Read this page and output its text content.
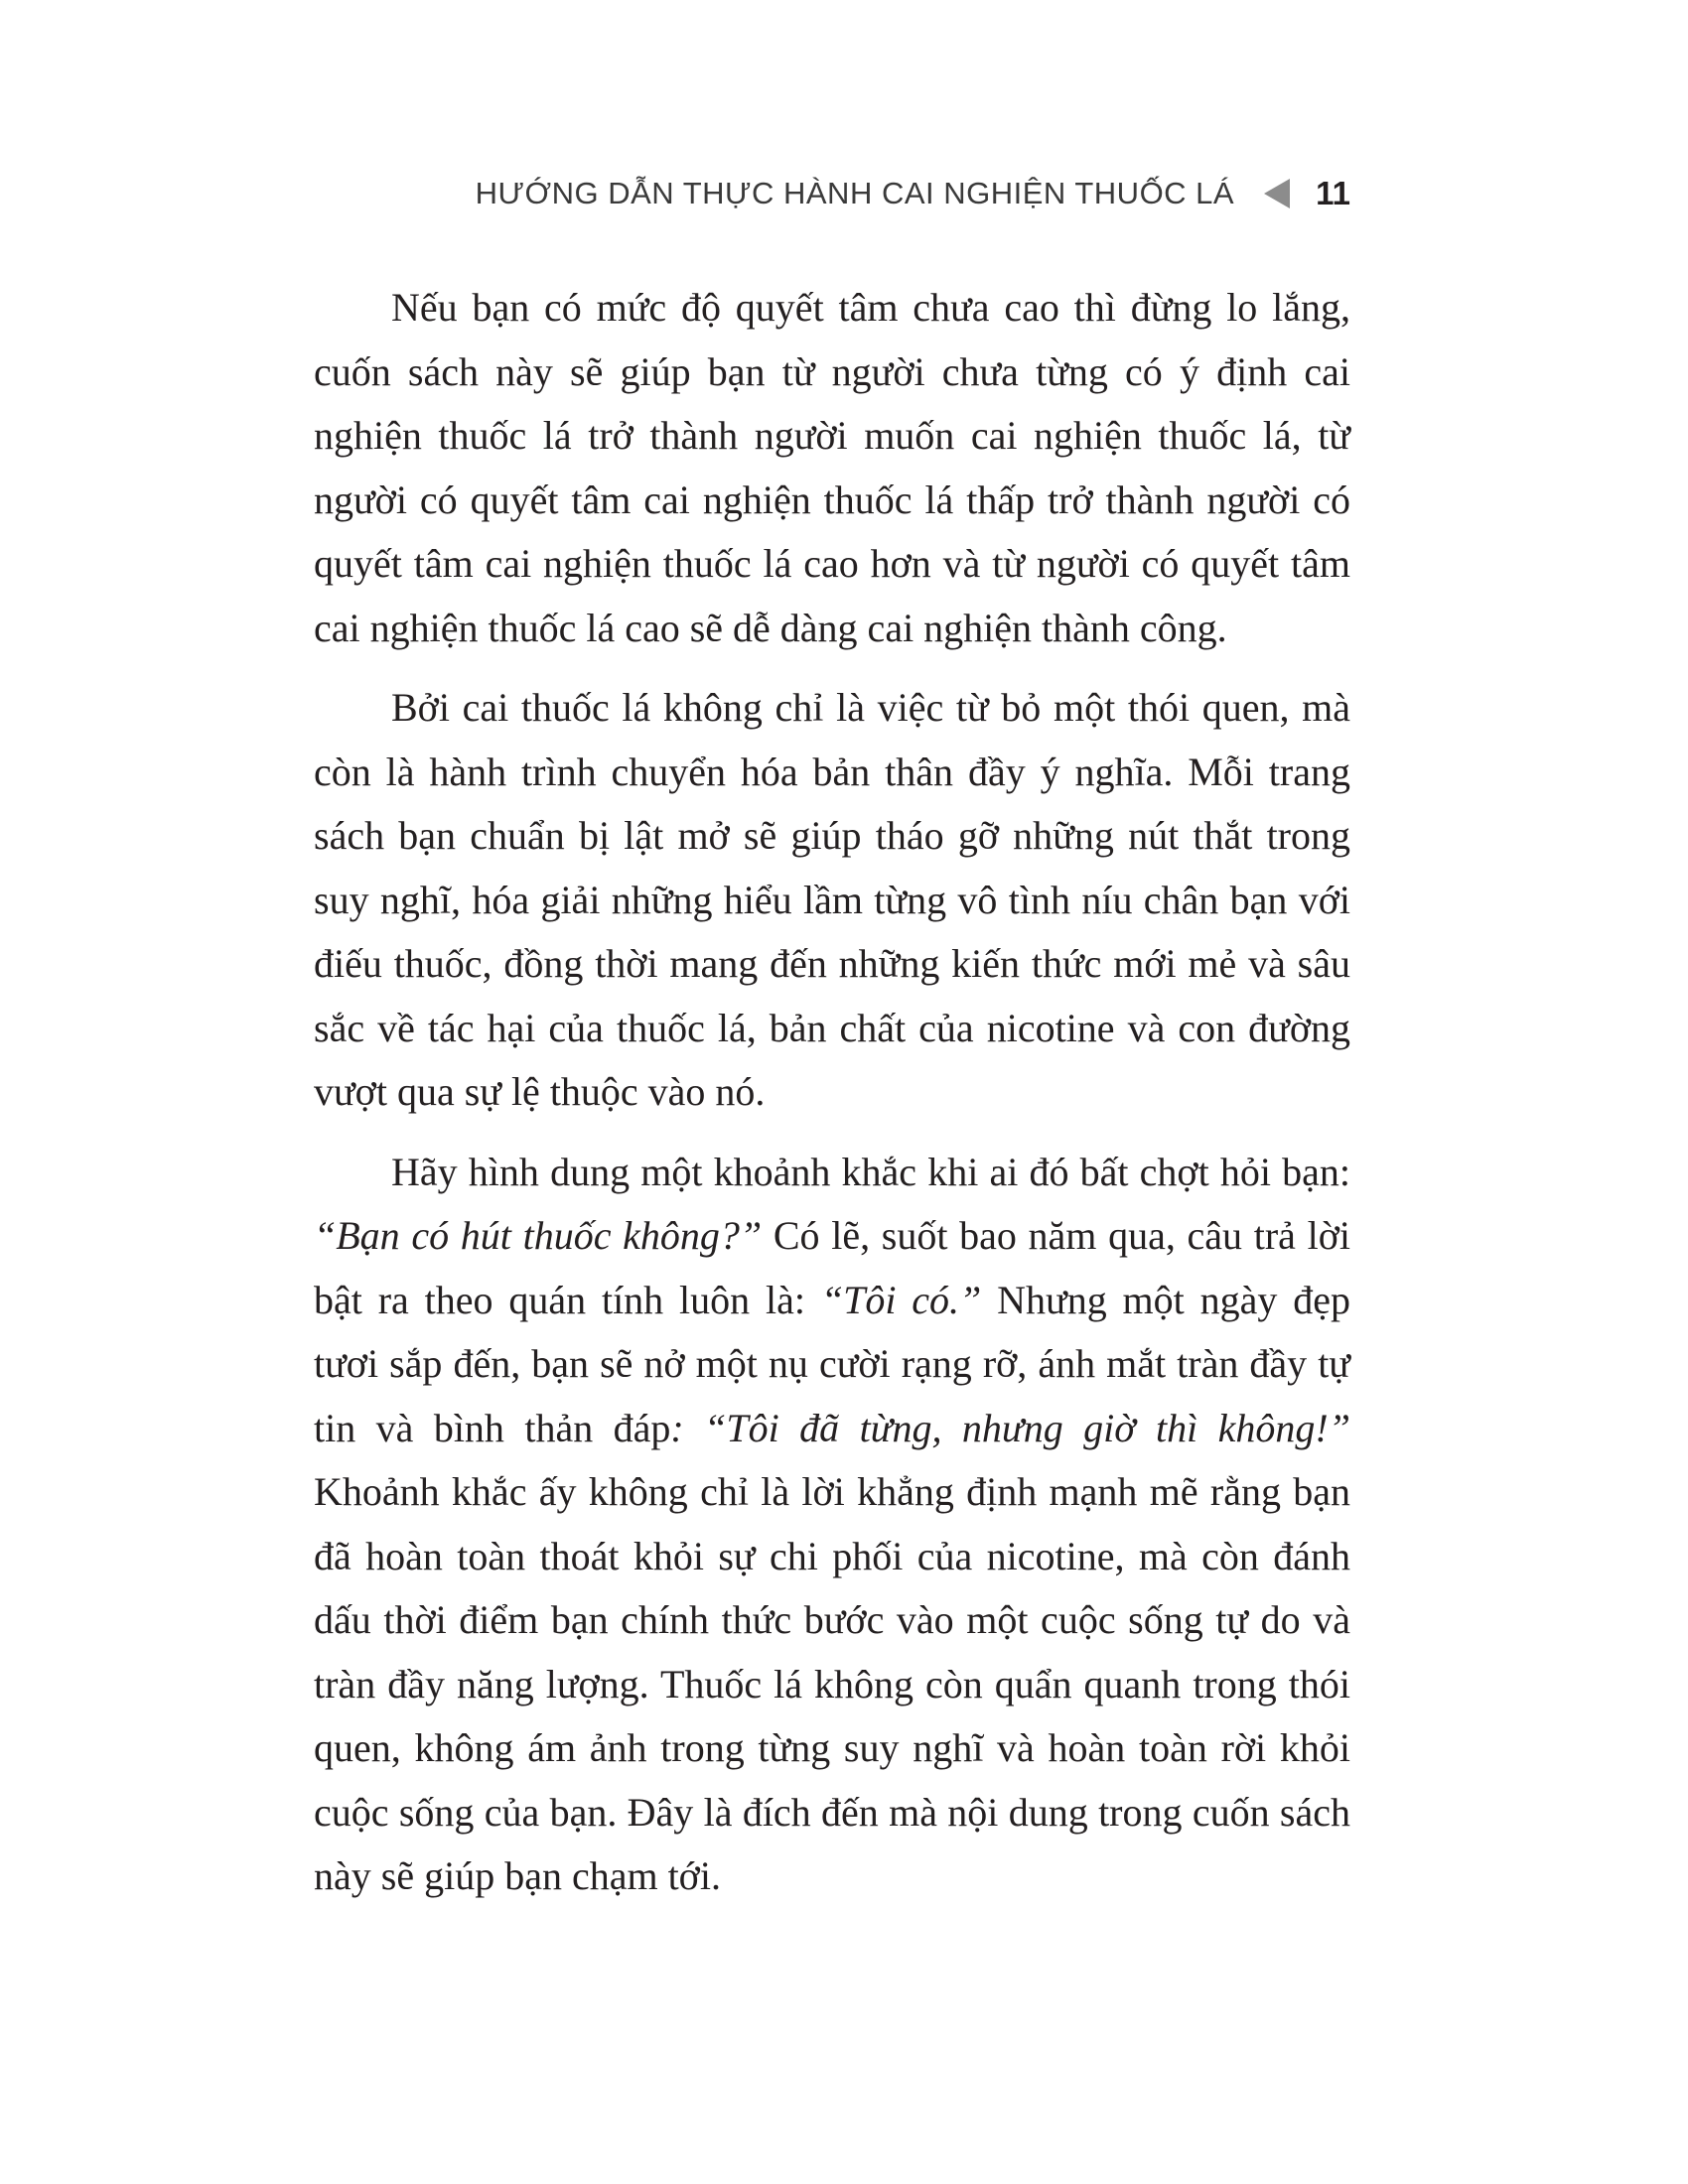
HƯỚNG DẪN THỰC HÀNH CAI NGHIỆN THUỐC LÁ 11

Nếu bạn có mức độ quyết tâm chưa cao thì đừng lo lắng, cuốn sách này sẽ giúp bạn từ người chưa từng có ý định cai nghiện thuốc lá trở thành người muốn cai nghiện thuốc lá, từ người có quyết tâm cai nghiện thuốc lá thấp trở thành người có quyết tâm cai nghiện thuốc lá cao hơn và từ người có quyết tâm cai nghiện thuốc lá cao sẽ dễ dàng cai nghiện thành công.

Bởi cai thuốc lá không chỉ là việc từ bỏ một thói quen, mà còn là hành trình chuyển hóa bản thân đầy ý nghĩa. Mỗi trang sách bạn chuẩn bị lật mở sẽ giúp tháo gỡ những nút thắt trong suy nghĩ, hóa giải những hiểu lầm từng vô tình níu chân bạn với điếu thuốc, đồng thời mang đến những kiến thức mới mẻ và sâu sắc về tác hại của thuốc lá, bản chất của nicotine và con đường vượt qua sự lệ thuộc vào nó.

Hãy hình dung một khoảnh khắc khi ai đó bất chợt hỏi bạn: “Bạn có hút thuốc không?” Có lẽ, suốt bao năm qua, câu trả lời bật ra theo quán tính luôn là: “Tôi có.” Nhưng một ngày đẹp tươi sắp đến, bạn sẽ nở một nụ cười rạng rỡ, ánh mắt tràn đầy tự tin và bình thản đáp: “Tôi đã từng, nhưng giờ thì không!” Khoảnh khắc ấy không chỉ là lời khẳng định mạnh mẽ rằng bạn đã hoàn toàn thoát khỏi sự chi phối của nicotine, mà còn đánh dấu thời điểm bạn chính thức bước vào một cuộc sống tự do và tràn đầy năng lượng. Thuốc lá không còn quẩn quanh trong thói quen, không ám ảnh trong từng suy nghĩ và hoàn toàn rời khỏi cuộc sống của bạn. Đây là đích đến mà nội dung trong cuốn sách này sẽ giúp bạn chạm tới.
